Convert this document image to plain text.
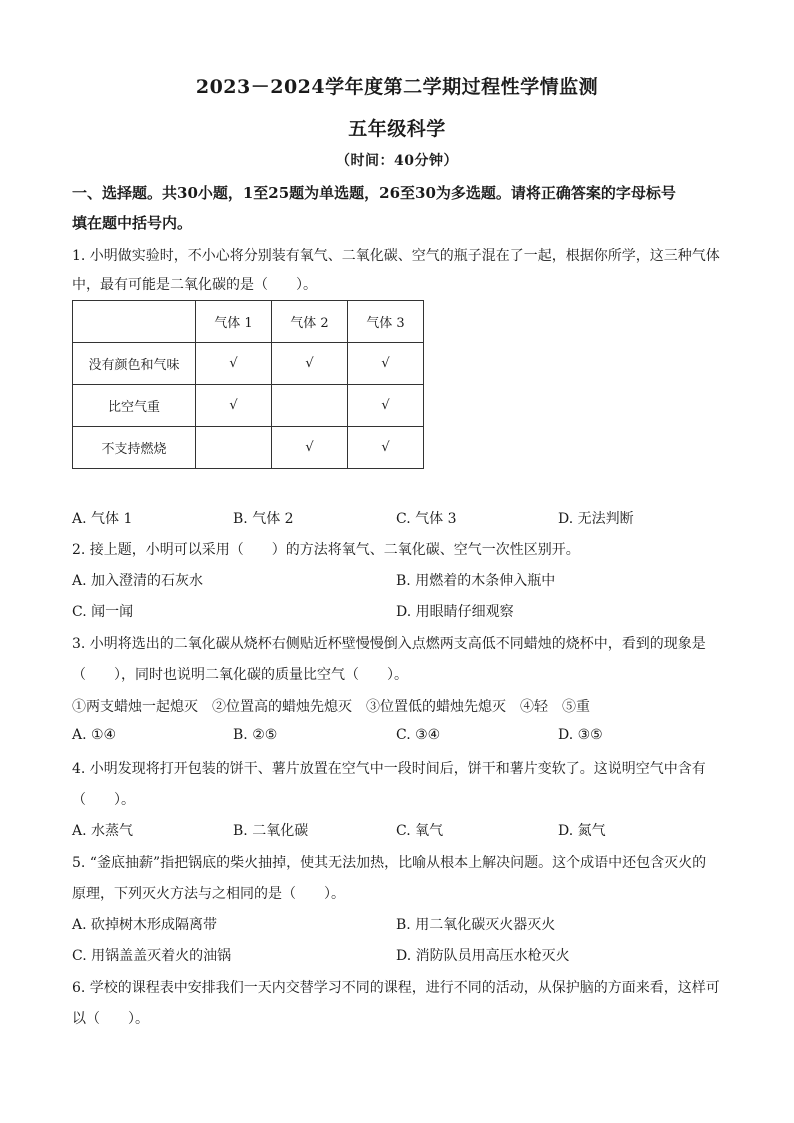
2023－2024学年度第二学期过程性学情监测
五年级科学
（时间：40分钟）
一、选择题。共30小题，1至25题为单选题，26至30为多选题。请将正确答案的字母标号
填在题中括号内。
1. 小明做实验时，不小心将分别装有氧气、二氧化碳、空气的瓶子混在了一起，根据你所学，这三种气体
中，最有可能是二氧化碳的是（　　）。
	气体 1	气体 2	气体 3
没有颜色和气味	√	√	√
比空气重	√		√
不支持燃烧		√	√
A. 气体 1	B. 气体 2	C. 气体 3	D. 无法判断
2. 接上题，小明可以采用（　　）的方法将氧气、二氧化碳、空气一次性区别开。
A. 加入澄清的石灰水	B. 用燃着的木条伸入瓶中
C. 闻一闻	D. 用眼睛仔细观察
3. 小明将选出的二氧化碳从烧杯右侧贴近杯壁慢慢倒入点燃两支高低不同蜡烛的烧杯中，看到的现象是
（　　），同时也说明二氧化碳的质量比空气（　　）。
①两支蜡烛一起熄灭　②位置高的蜡烛先熄灭　③位置低的蜡烛先熄灭　④轻　⑤重
A. ①④	B. ②⑤	C. ③④	D. ③⑤
4. 小明发现将打开包装的饼干、薯片放置在空气中一段时间后，饼干和薯片变软了。这说明空气中含有
（　　）。
A. 水蒸气	B. 二氧化碳	C. 氧气	D. 氮气
5. “釜底抽薪”指把锅底的柴火抽掉，使其无法加热，比喻从根本上解决问题。这个成语中还包含灭火的
原理，下列灭火方法与之相同的是（　　）。
A. 砍掉树木形成隔离带	B. 用二氧化碳灭火器灭火
C. 用锅盖盖灭着火的油锅	D. 消防队员用高压水枪灭火
6. 学校的课程表中安排我们一天内交替学习不同的课程，进行不同的活动，从保护脑的方面来看，这样可
以（　　）。
